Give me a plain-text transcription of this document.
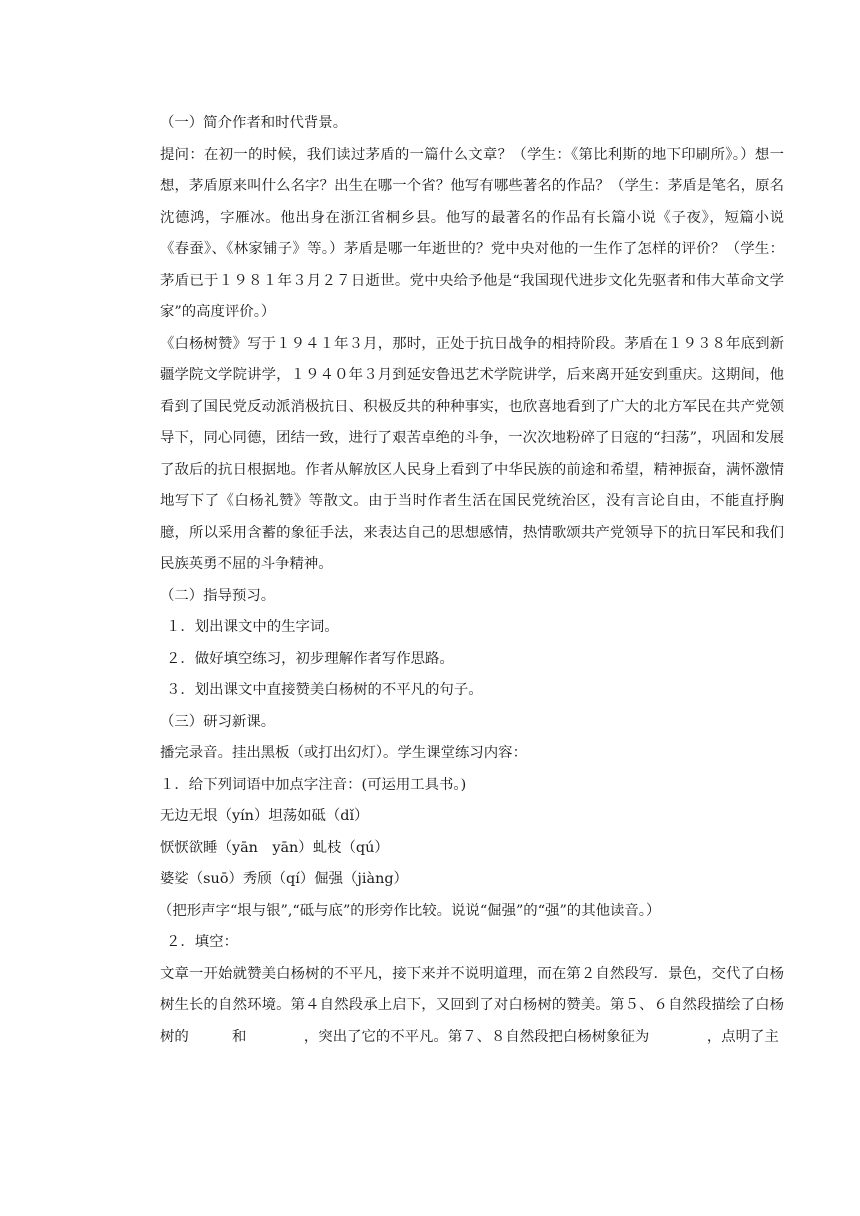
（一）简介作者和时代背景。

提问：在初一的时候，我们读过茅盾的一篇什么文章？（学生：《第比利斯的地下印刷所》。）想一想，茅盾原来叫什么名字？出生在哪一个省？他写有哪些著名的作品？（学生：茅盾是笔名，原名沈德鸿，字雁冰。他出身在浙江省桐乡县。他写的最著名的作品有长篇小说《子夜》，短篇小说《春蚕》、《林家铺子》等。）茅盾是哪一年逝世的？党中央对他的一生作了怎样的评价？（学生：茅盾已于１９８１年３月２７日逝世。党中央给予他是“我国现代进步文化先驱者和伟大革命文学家”的高度评价。）

《白杨树赞》写于１９４１年３月，那时，正处于抗日战争的相持阶段。茅盾在１９３８年底到新疆学院文学院讲学，１９４０年３月到延安鲁迅艺术学院讲学，后来离开延安到重庆。这期间，他看到了国民党反动派消极抗日、积极反共的种种事实，也欣喜地看到了广大的北方军民在共产党领导下，同心同德，团结一致，进行了艰苦卓绝的斗争，一次次地粉碎了日寇的“扫荡”，巩固和发展了敌后的抗日根据地。作者从解放区人民身上看到了中华民族的前途和希望，精神振奋，满怀激情地写下了《白杨礼赞》等散文。由于当时作者生活在国民党统治区，没有言论自由，不能直抒胸臆，所以采用含蓄的象征手法，来表达自己的思想感情，热情歌颂共产党领导下的抗日军民和我们民族英勇不屈的斗争精神。

（二）指导预习。

１．划出课文中的生字词。

２．做好填空练习，初步理解作者写作思路。

３．划出课文中直接赞美白杨树的不平凡的句子。

（三）研习新课。

播完录音。挂出黑板（或打出幻灯）。学生课堂练习内容：

１．给下列词语中加点字注音：(可运用工具书。)

无边无垠（yín）坦荡如砥（dǐ）

恹恹欲睡（yān　yān）虬枝（qú）

婆娑（suō）秀颀（qí）倔强（jiàng）

（把形声字“垠与银”,“砥与底”的形旁作比较。说说“倔强”的“强”的其他读音。）

２．填空：

文章一开始就赞美白杨树的不平凡，接下来并不说明道理，而在第２自然段写．景色，交代了白杨树生长的自然环境。第４自然段承上启下，又回到了对白杨树的赞美。第５、６自然段描绘了白杨树的　　　和　　　　，突出了它的不平凡。第７、８自然段把白杨树象征为　　　　，点明了主
